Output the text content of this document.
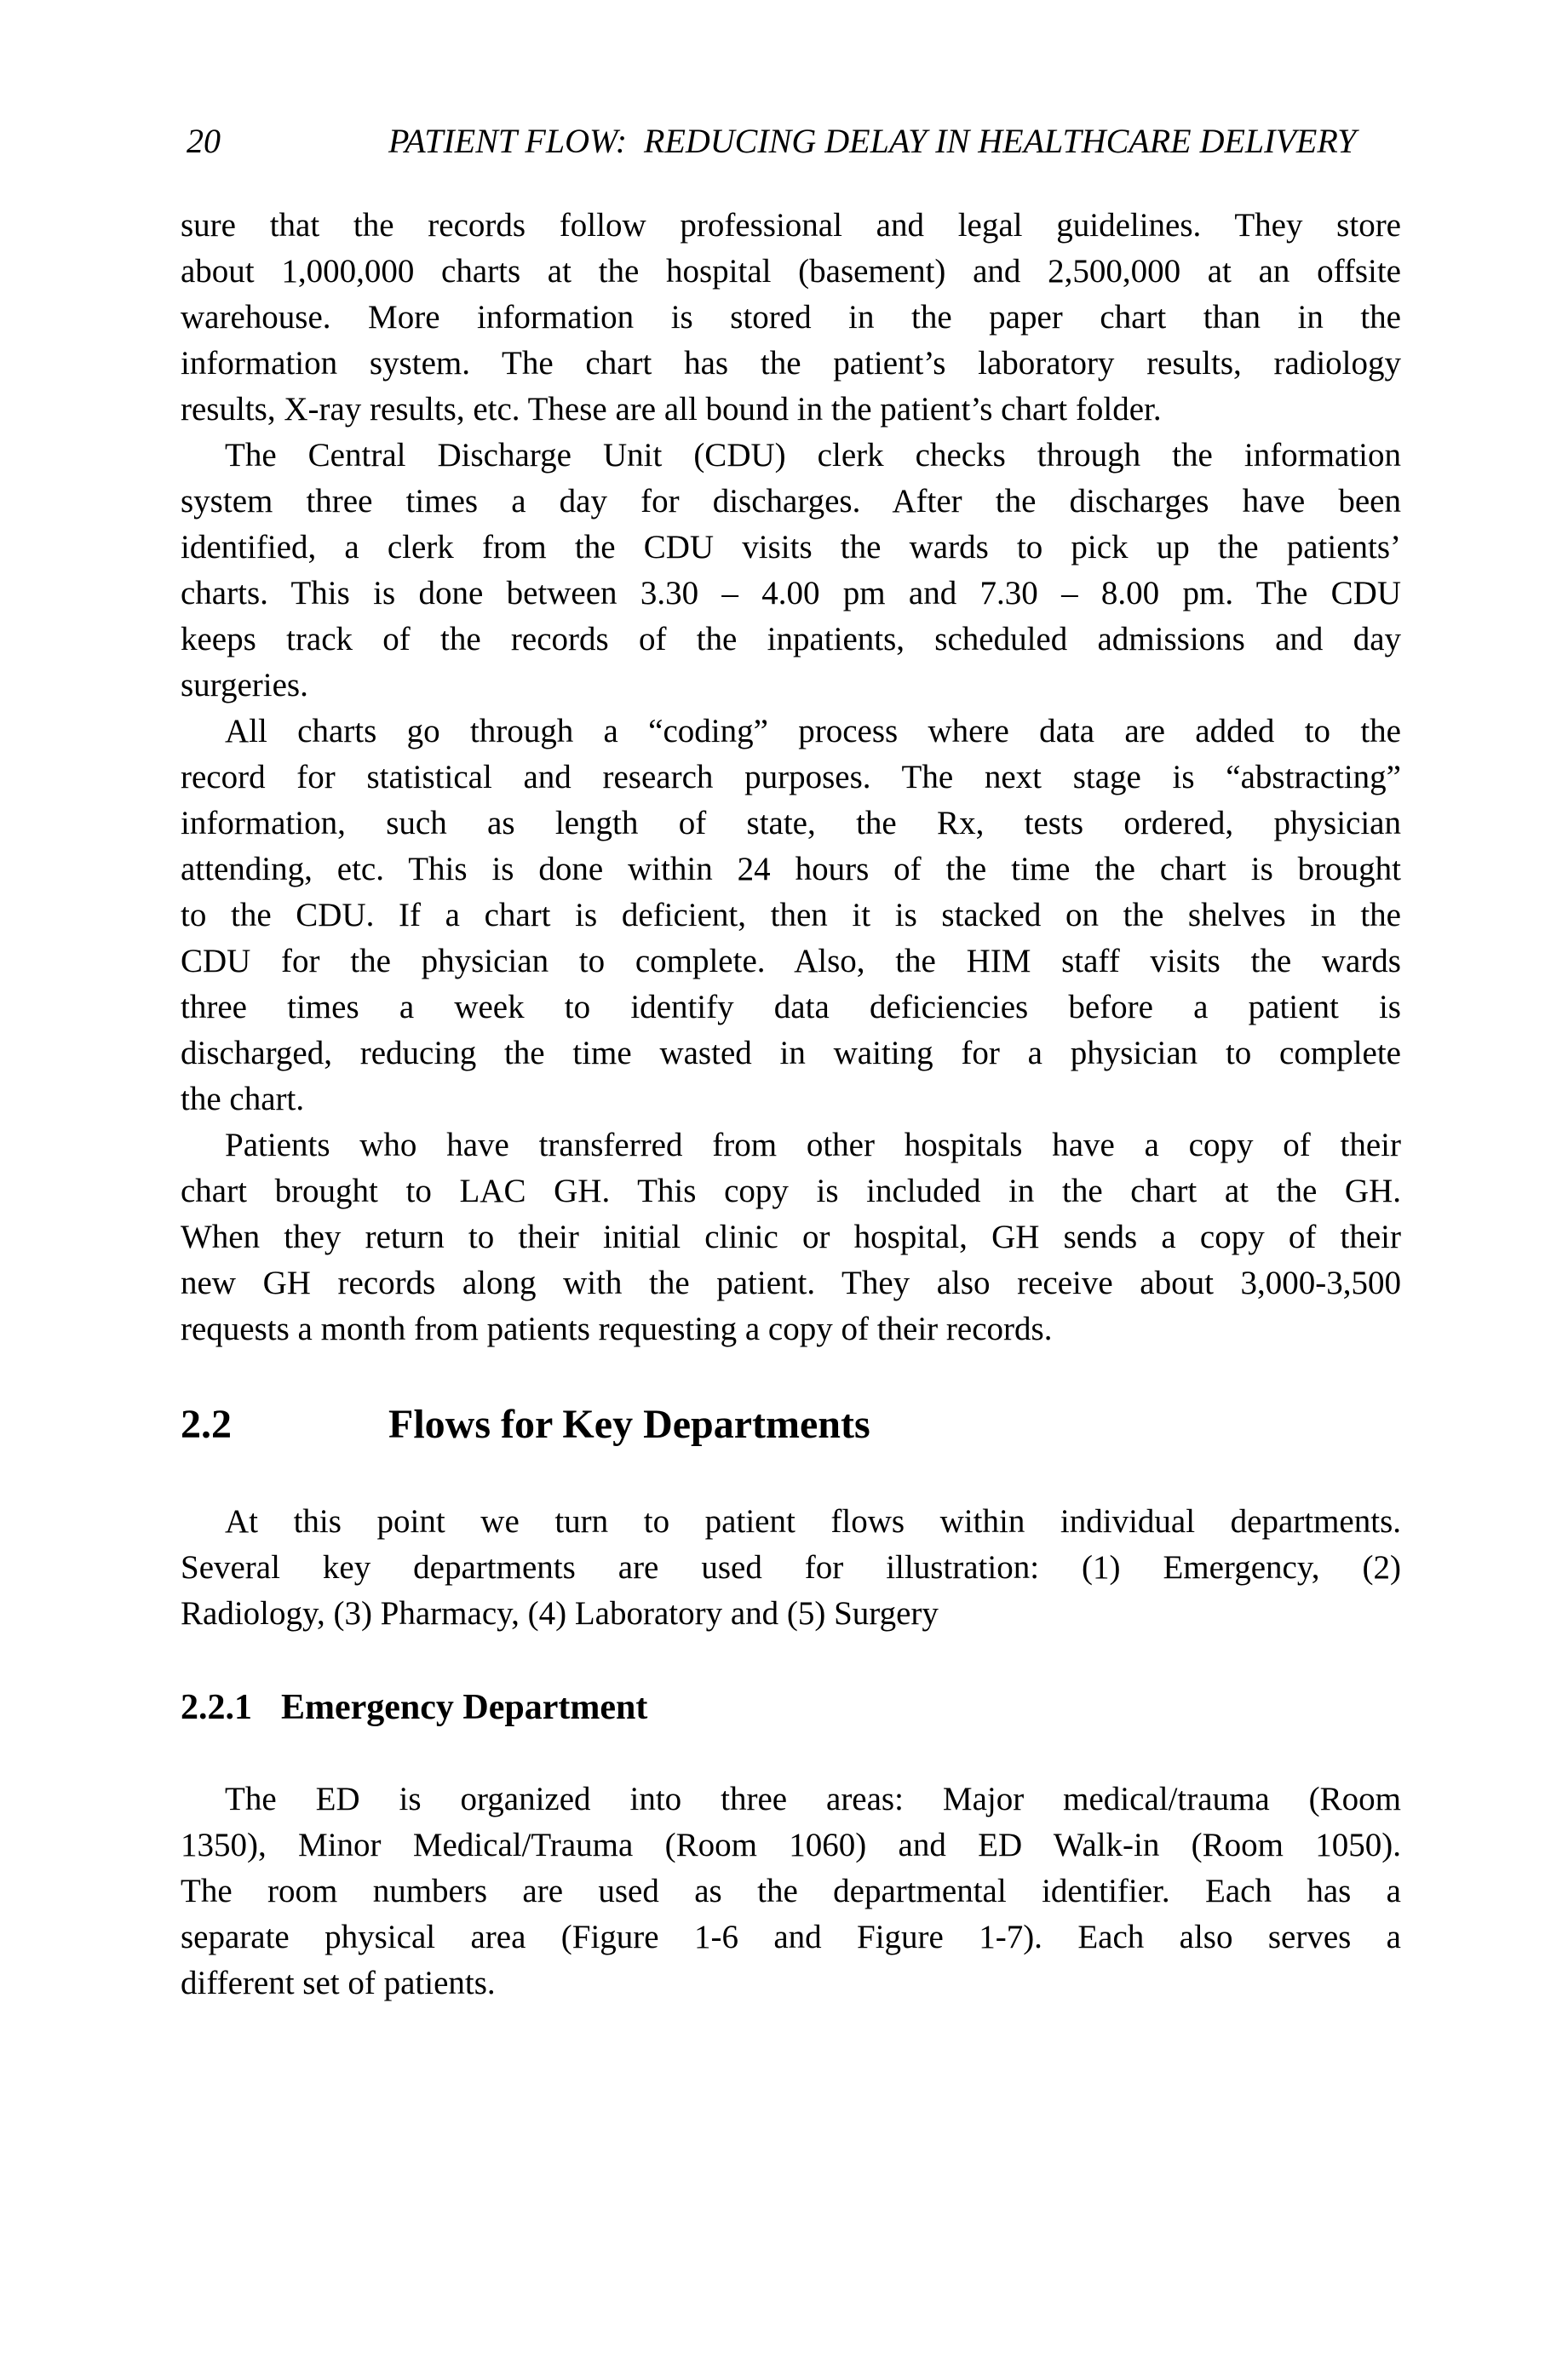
20	PATIENT FLOW:  REDUCING DELAY IN HEALTHCARE DELIVERY
sure that the records follow professional and legal guidelines. They store
about 1,000,000 charts at the hospital (basement) and 2,500,000 at an offsite
warehouse. More information is stored in the paper chart than in the
information system. The chart has the patient’s laboratory results, radiology
results, X-ray results, etc. These are all bound in the patient’s chart folder.
The Central Discharge Unit (CDU) clerk checks through the information
system three times a day for discharges. After the discharges have been
identified, a clerk from the CDU visits the wards to pick up the patients’
charts. This is done between 3.30 – 4.00 pm and 7.30 – 8.00 pm. The CDU
keeps track of the records of the inpatients, scheduled admissions and day
surgeries.
All charts go through a “coding” process where data are added to the
record for statistical and research purposes. The next stage is “abstracting”
information, such as length of state, the Rx, tests ordered, physician
attending, etc. This is done within 24 hours of the time the chart is brought
to the CDU. If a chart is deficient, then it is stacked on the shelves in the
CDU for the physician to complete. Also, the HIM staff visits the wards
three times a week to identify data deficiencies before a patient is
discharged, reducing the time wasted in waiting for a physician to complete
the chart.
Patients who have transferred from other hospitals have a copy of their
chart brought to LAC GH. This copy is included in the chart at the GH.
When they return to their initial clinic or hospital, GH sends a copy of their
new GH records along with the patient. They also receive about 3,000-3,500
requests a month from patients requesting a copy of their records.
2.2	Flows for Key Departments
At this point we turn to patient flows within individual departments.
Several key departments are used for illustration: (1) Emergency, (2)
Radiology, (3) Pharmacy, (4) Laboratory and (5) Surgery
2.2.1 Emergency Department
The ED is organized into three areas: Major medical/trauma (Room
1350), Minor Medical/Trauma (Room 1060) and ED Walk-in (Room 1050).
The room numbers are used as the departmental identifier. Each has a
separate physical area (Figure 1-6 and Figure 1-7). Each also serves a
different set of patients.
